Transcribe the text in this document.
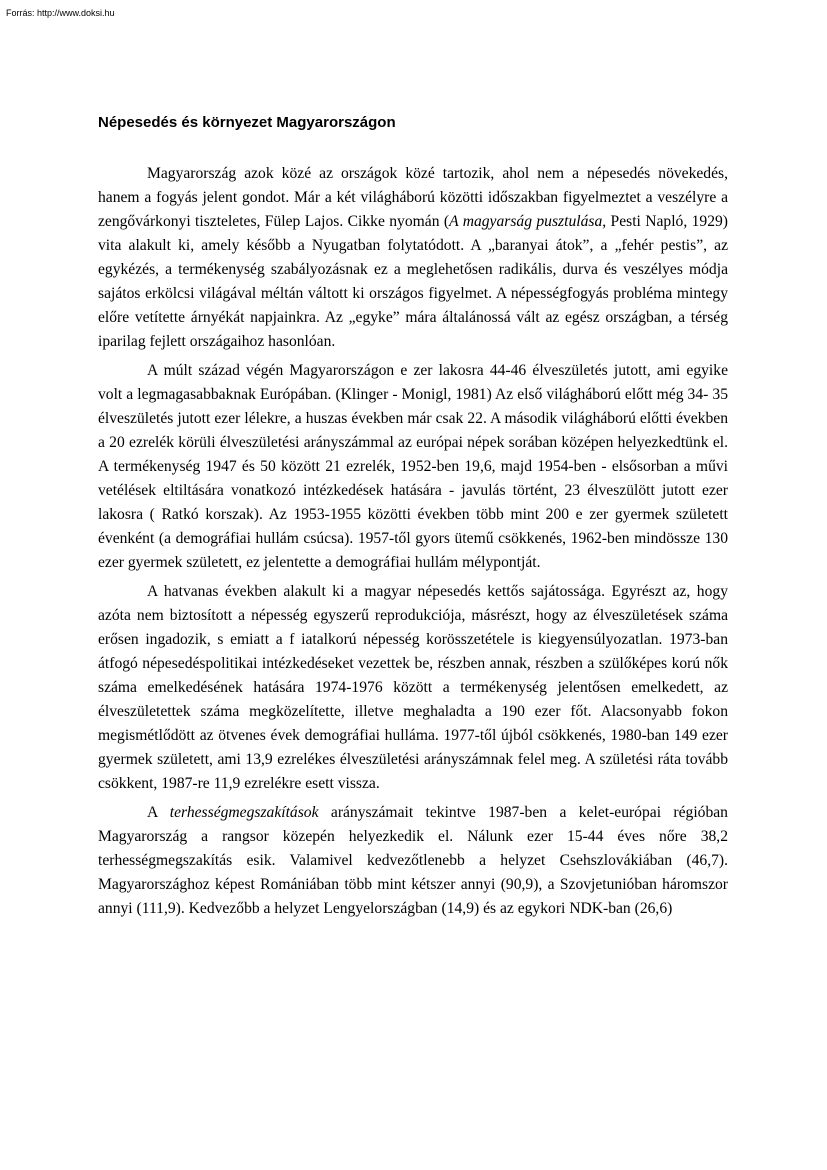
Forrás: http://www.doksi.hu
Népesedés és környezet Magyarországon

Magyarország azok közé az országok közé tartozik, ahol nem a népesedés növekedés, hanem a fogyás jelent gondot. Már a két világháború közötti időszakban figyelmeztet a veszélyre a zengővárkonyi tiszteletes, Fülep Lajos. Cikke nyomán (A magyarság pusztulása, Pesti Napló, 1929) vita alakult ki, amely később a Nyugatban folytatódott. A „baranyai átok”, a „fehér pestis”, az egykézés, a termékenység szabályozásnak ez a meglehetősen radikális, durva és veszélyes módja sajátos erkölcsi világával méltán váltott ki országos figyelmet. A népességfogyás probléma mintegy előre vetítette árnyékát napjainkra. Az „egyke” mára általánossá vált az egész országban, a térség iparilag fejlett országaihoz hasonlóan.

A múlt század végén Magyarországon e zer lakosra 44-46 élveszületés jutott, ami egyike volt a legmagasabbaknak Európában. (Klinger - Monigl, 1981) Az első világháború előtt még 34- 35 élveszületés jutott ezer lélekre, a huszas években már csak 22. A második világháború előtti években a 20 ezrelék körüli élveszületési arányszámmal az európai népek sorában középen helyezkedtünk el. A termékenység 1947 és 50 között 21 ezrelék, 1952-ben 19,6, majd 1954-ben - elsősorban a művi vetélések eltiltására vonatkozó intézkedések hatására - javulás történt, 23 élveszülött jutott ezer lakosra ( Ratkó korszak). Az 1953-1955 közötti években több mint 200 e zer gyermek született évenként (a demográfiai hullám csúcsa). 1957-től gyors ütemű csökkenés, 1962-ben mindössze 130 ezer gyermek született, ez jelentette a demográfiai hullám mélypontját.

A hatvanas években alakult ki a magyar népesedés kettős sajátossága. Egyrészt az, hogy azóta nem biztosított a népesség egyszerű reprodukciója, másrészt, hogy az élveszületések száma erősen ingadozik, s emiatt a f iatalkorú népesség korösszetétele is kiegyensúlyozatlan. 1973-ban átfogó népesedéspolitikai intézkedéseket vezettek be, részben annak, részben a szülőképes korú nők száma emelkedésének hatására 1974-1976 között a termékenység jelentősen emelkedett, az élveszületettek száma megközelítette, illetve meghaladta a 190 ezer főt. Alacsonyabb fokon megismétlődött az ötvenes évek demográfiai hulláma. 1977-től újból csökkenés, 1980-ban 149 ezer gyermek született, ami 13,9 ezrelékes élveszületési arányszámnak felel meg. A születési ráta tovább csökkent, 1987-re 11,9 ezrelékre esett vissza.

A terhességmegszakítások arányszámait tekintve 1987-ben a kelet-európai régióban Magyarország a rangsor közepén helyezkedik el. Nálunk ezer 15-44 éves nőre 38,2 terhességmegszakítás esik. Valamivel kedvezőtlenebb a helyzet Csehszlovákiában (46,7). Magyarországhoz képest Romániában több mint kétszer annyi (90,9), a Szovjetunióban háromszor annyi (111,9). Kedvezőbb a helyzet Lengyelországban (14,9) és az egykori NDK-ban (26,6)
